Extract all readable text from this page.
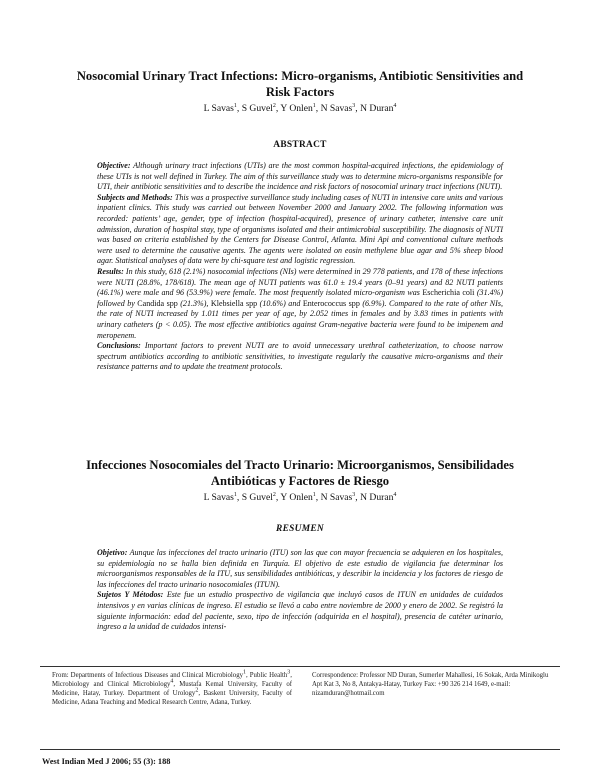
Nosocomial Urinary Tract Infections: Micro-organisms, Antibiotic Sensitivities and
Risk Factors
L Savas$^1$, S Guvel$^2$, Y Onlen$^1$, N Savas$^3$, N Duran$^4$
ABSTRACT

Objective: Although urinary tract infections (UTIs) are the most common hospital-acquired infections, the epidemiology of these UTIs is not well defined in Turkey. The aim of this surveillance study was to determine micro-organisms responsible for UTI, their antibiotic sensitivities and to describe the incidence and risk factors of nosocomial urinary tract infections (NUTI).

Subjects and Methods: This was a prospective surveillance study including cases of NUTI in intensive care units and various inpatient clinics. This study was carried out between November 2000 and January 2002. The following information was recorded: patients’ age, gender, type of infection (hospital-acquired), presence of urinary catheter, intensive care unit admission, duration of hospital stay, type of organisms isolated and their antimicrobial susceptibility. The diagnosis of NUTI was based on criteria established by the Centers for Disease Control, Atlanta. Mini Api and conventional culture methods were used to determine the causative agents. The agents were isolated on eosin methylene blue agar and 5% sheep blood agar. Statistical analyses of data were by chi-square test and logistic regression.

Results: In this study, 618 (2.1%) nosocomial infections (NIs) were determined in 29 778 patients, and 178 of these infections were NUTI (28.8%, 178/618). The mean age of NUTI patients was 61.0 ± 19.4 years (0–91 years) and 82 NUTI patients (46.1%) were male and 96 (53.9%) were female. The most frequently isolated micro-organism was Escherichia coli (31.4%) followed by Candida spp (21.3%), Klebsiella spp (10.6%) and Enterococcus spp (6.9%). Compared to the rate of other NIs, the rate of NUTI increased by 1.011 times per year of age, by 2.052 times in females and by 3.83 times in patients with urinary catheters (p < 0.05). The most effective antibiotics against Gram-negative bacteria were found to be imipenem and meropenem.

Conclusions: Important factors to prevent NUTI are to avoid unnecessary urethral catheterization, to choose narrow spectrum antibiotics according to antibiotic sensitivities, to investigate regularly the causative micro-organisms and their resistance patterns and to update the treatment protocols.

Infecciones Nosocomiales del Tracto Urinario: Microorganismos, Sensibilidades
Antibióticas y Factores de Riesgo
L Savas$^1$, S Guvel$^2$, Y Onlen$^1$, N Savas$^3$, N Duran$^4$
RESUMEN

Objetivo: Aunque las infecciones del tracto urinario (ITU) son las que con mayor frecuencia se adquieren en los hospitales, su epidemiología no se halla bien definida en Turquía. El objetivo de este estudio de vigilancia fue determinar los microorganismos responsables de la ITU, sus sensibilidades antibióticas, y describir la incidencia y los factores de riesgo de las infecciones del tracto urinario nosocomiales (ITUN).

Sujetos Y Métodos: Este fue un estudio prospectivo de vigilancia que incluyó casos de ITUN en unidades de cuidados intensivos y en varias clínicas de ingreso. El estudio se llevó a cabo entre noviembre de 2000 y enero de 2002. Se registró la siguiente información: edad del paciente, sexo, tipo de infección (adquirida en el hospital), presencia de catéter urinario, ingreso a la unidad de cuidados intensi-

From: Departments of Infectious Diseases and Clinical Microbiology$^1$, Public Health$^3$, Microbiology and Clinical Microbiology$^4$, Mustafa Kemal University, Faculty of Medicine, Hatay, Turkey. Department of Urology$^2$, Baskent University, Faculty of Medicine, Adana Teaching and Medical Research Centre, Adana, Turkey.
Correspondence: Professor ND Duran, Sumerler Mahallesi, 16 Sokak, Arda Minikoglu Apt Kat 3, No 8, Antakya-Hatay, Turkey Fax: +90 326 214 1649, e-mail: nizamduran@hotmail.com
West Indian Med J 2006; 55 (3): 188
